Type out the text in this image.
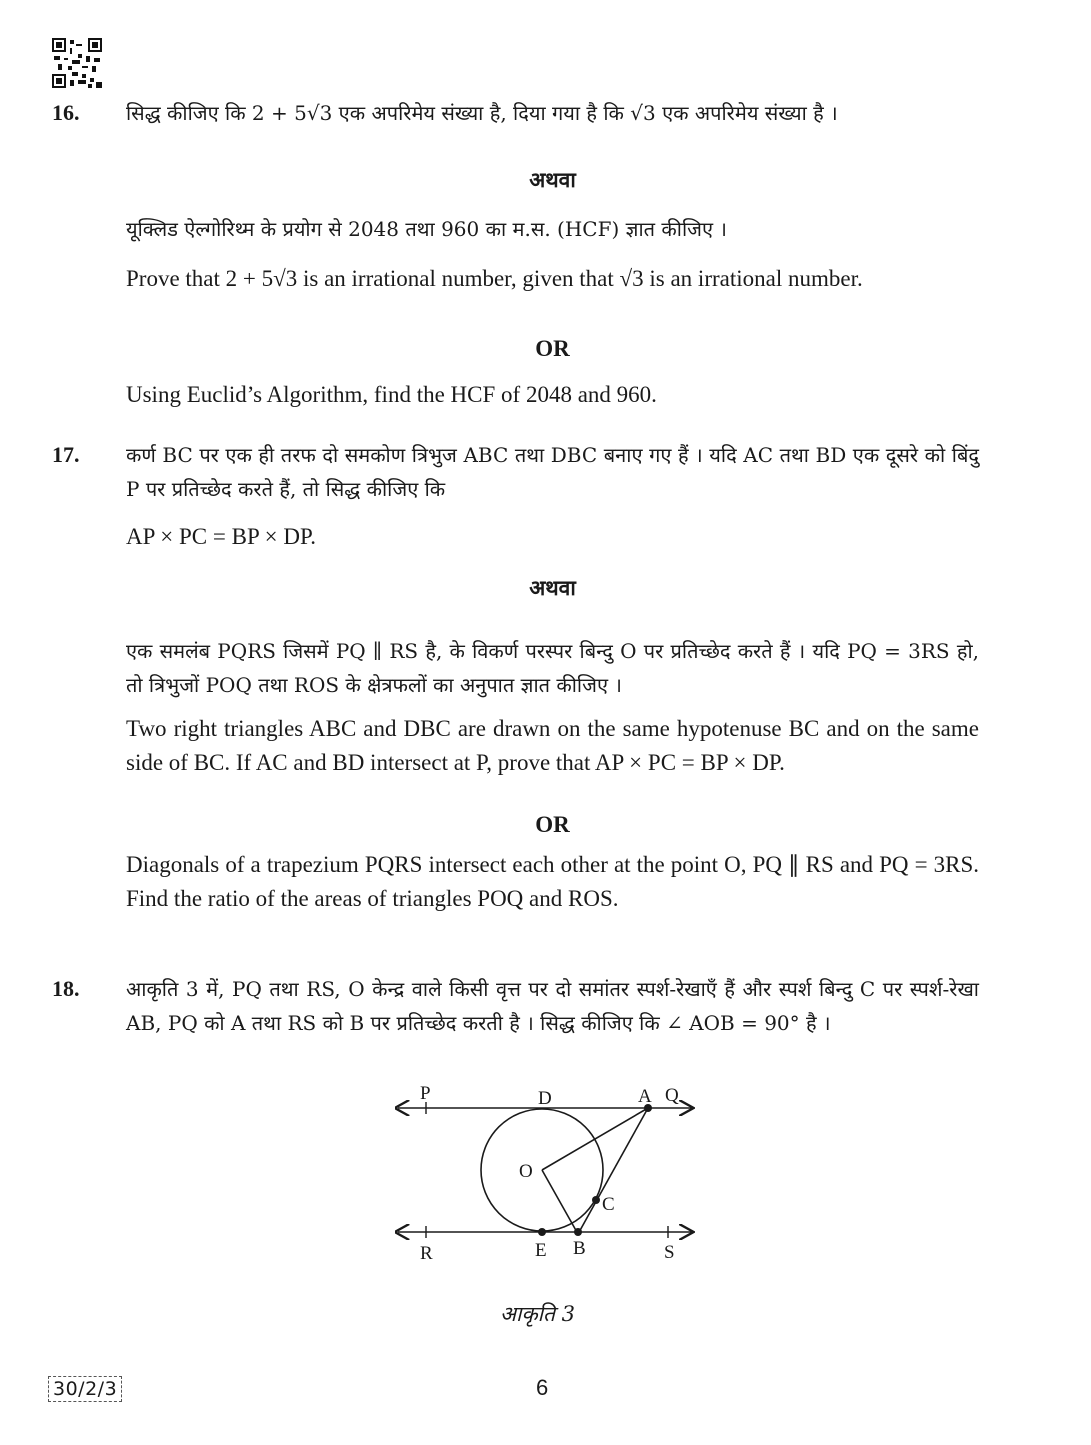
16. सिद्ध कीजिए कि 2 + 5√3 एक अपरिमेय संख्या है, दिया गया है कि √3 एक अपरिमेय संख्या है ।
अथवा
यूक्लिड ऐल्गोरिथ्म के प्रयोग से 2048 तथा 960 का म.स. (HCF) ज्ञात कीजिए ।
Prove that 2 + 5√3 is an irrational number, given that √3 is an irrational number.
OR
Using Euclid’s Algorithm, find the HCF of 2048 and 960.
17. कर्ण BC पर एक ही तरफ दो समकोण त्रिभुज ABC तथा DBC बनाए गए हैं । यदि AC तथा BD एक दूसरे को बिंदु P पर प्रतिच्छेद करते हैं, तो सिद्ध कीजिए कि
AP × PC = BP × DP.
अथवा
एक समलंब PQRS जिसमें PQ ∥ RS है, के विकर्ण परस्पर बिन्दु O पर प्रतिच्छेद करते हैं । यदि PQ = 3RS हो, तो त्रिभुजों POQ तथा ROS के क्षेत्रफलों का अनुपात ज्ञात कीजिए ।
Two right triangles ABC and DBC are drawn on the same hypotenuse BC and on the same side of BC. If AC and BD intersect at P, prove that AP × PC = BP × DP.
OR
Diagonals of a trapezium PQRS intersect each other at the point O, PQ ∥ RS and PQ = 3RS. Find the ratio of the areas of triangles POQ and ROS.
18. आकृति 3 में, PQ तथा RS, O केन्द्र वाले किसी वृत्त पर दो समांतर स्पर्श-रेखाएँ हैं और स्पर्श बिन्दु C पर स्पर्श-रेखा AB, PQ को A तथा RS को B पर प्रतिच्छेद करती है । सिद्ध कीजिए कि ∠ AOB = 90° है ।
P	D	A Q
O
C
R	E B	S
आकृति 3
30/2/3	6
